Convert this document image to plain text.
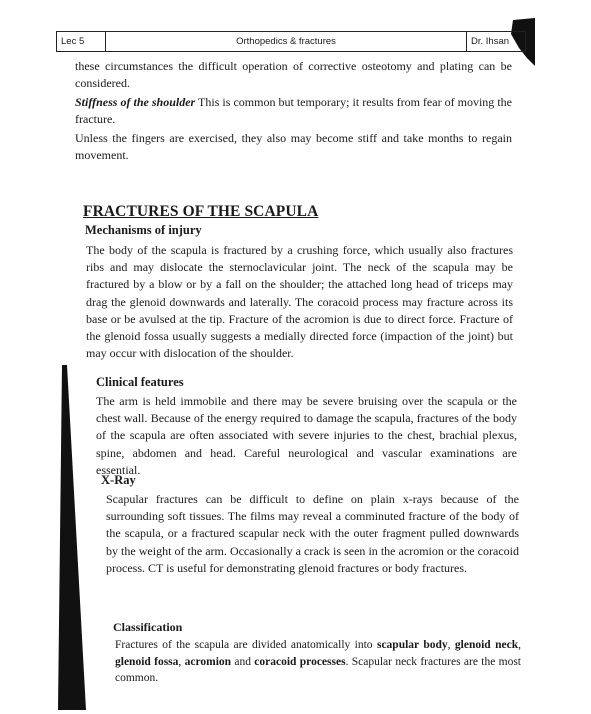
Lec 5	Orthopedics & fractures	Dr. Ihsan

these circumstances the difficult operation of corrective osteotomy and plating can be considered.

Stiffness of the shoulder This is common but temporary; it results from fear of moving the fracture.

Unless the fingers are exercised, they also may become stiff and take months to regain movement.

FRACTURES OF THE SCAPULA
Mechanisms of injury

The body of the scapula is fractured by a crushing force, which usually also fractures ribs and may dislocate the sternoclavicular joint. The neck of the scapula may be fractured by a blow or by a fall on the shoulder; the attached long head of triceps may drag the glenoid downwards and laterally. The coracoid process may fracture across its base or be avulsed at the tip. Fracture of the acromion is due to direct force. Fracture of the glenoid fossa usually suggests a medially directed force (impaction of the joint) but may occur with dislocation of the shoulder.

Clinical features

The arm is held immobile and there may be severe bruising over the scapula or the chest wall. Because of the energy required to damage the scapula, fractures of the body of the scapula are often associated with severe injuries to the chest, brachial plexus, spine, abdomen and head. Careful neurological and vascular examinations are essential.

X-Ray

Scapular fractures can be difficult to define on plain x-rays because of the surrounding soft tissues. The films may reveal a comminuted fracture of the body of the scapula, or a fractured scapular neck with the outer fragment pulled downwards by the weight of the arm. Occasionally a crack is seen in the acromion or the coracoid process. CT is useful for demonstrating glenoid fractures or body fractures.

Classification

Fractures of the scapula are divided anatomically into scapular body, glenoid neck, glenoid fossa, acromion and coracoid processes. Scapular neck fractures are the most common.
